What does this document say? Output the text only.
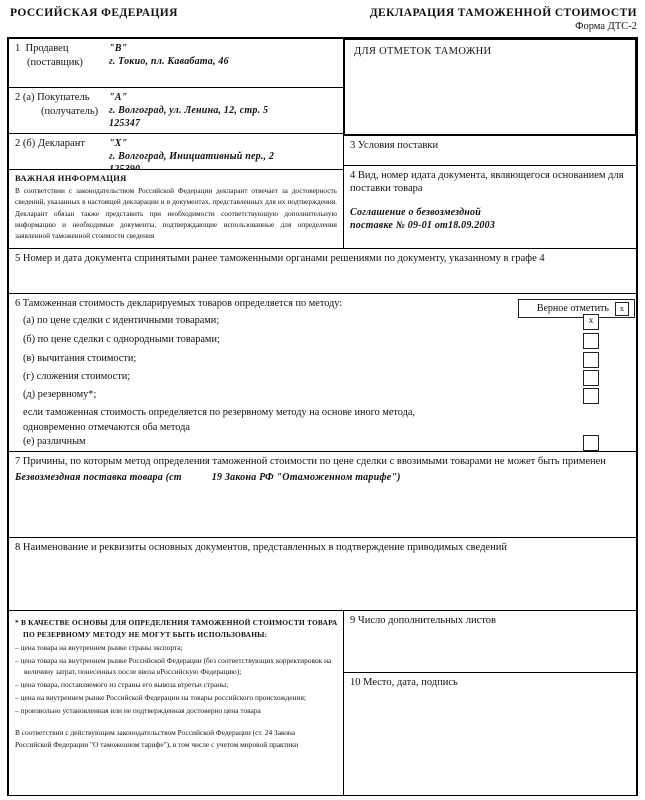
РОССИЙСКАЯ ФЕДЕРАЦИЯ	ДЕКЛАРАЦИЯ ТАМОЖЕННОЙ СТОИМОСТИ
Форма ДТС-2
1 Продавец
(поставщик)
"В"
г. Токио, пл. Кавабата, 46
2 (а) Покупатель
(получатель)
"А"
г. Волгоград, ул. Ленина, 12, стр. 5
125347
2 (б) Декларант "Х"
г. Волгоград, Инициативный пер., 2
ВАЖНАЯ ИНФОРМАЦИЯ
В соответствии с законодательством Российской Федерации декларант отвечает за достоверность сведений, указанных в настоящей декларации и в документах, представленных для их подтверждения. Декларант обязан также представить при необходимости соответствующую дополнительную информацию и необходимые документы, подтверждающие использованные для определения заявленной таможенной стоимости сведения
ДЛЯ ОТМЕТОК ТАМОЖНИ
3 Условия поставки
4 Вид, номер идата документа, являющегося основанием для поставки товара
Соглашение о безвозмездной
поставке № 09-01 от18.09.2003
5 Номер и дата документа спринятыми ранее таможенными органами решениями по документу, указанному в графе 4
6 Таможенная стоимость декларируемых товаров определяется по методу:	Верное отметить	x
(а) по цене сделки с идентичными товарами;	x
(б) по цене сделки с однородными товарами;
(в) вычитания стоимости;
(г) сложения стоимости;
(д) резервному*;
если таможенная стоимость определяется по резервному методу на основе иного метода,
одновременно отмечаются оба метода
(е) различным
7 Причины, по которым метод определения таможенной стоимости по цене сделки с ввозимыми товарами не может быть применен
Безвозмездная поставка товара (ст	19 Закона РФ "Отаможенном тарифе")
8 Наименование и реквизиты основных документов, представленных в подтверждение приводимых сведений
* В КАЧЕСТВЕ ОСНОВЫ ДЛЯ ОПРЕДЕЛЕНИЯ ТАМОЖЕННОЙ СТОИМОСТИ ТОВАРА
ПО РЕЗЕРВНОМУ МЕТОДУ НЕ МОГУТ БЫТЬ ИСПОЛЬЗОВАНЫ:
– цена товара на внутреннем рынке страны экспорта;
– цена товара на внутреннем рынке Российской Федерации (без соответствующих корректировок на величину затрат, понесенных после ввоза вРоссийскую Федерацию);
– цена товара, поставляемого из страны его вывоза втретьи страны;
– цена на внутреннем рынке Российской Федерации на товары российского происхождения;
– произвольно установленная или не подтвержденная достоверно цена товара
В соответствии с действующим законодательством Российской Федерации (ст. 24 Закона Российской Федерации "О таможенном тарифе"), в том числе с учетом мировой практики
9 Число дополнительных листов
10 Место, дата, подпись
